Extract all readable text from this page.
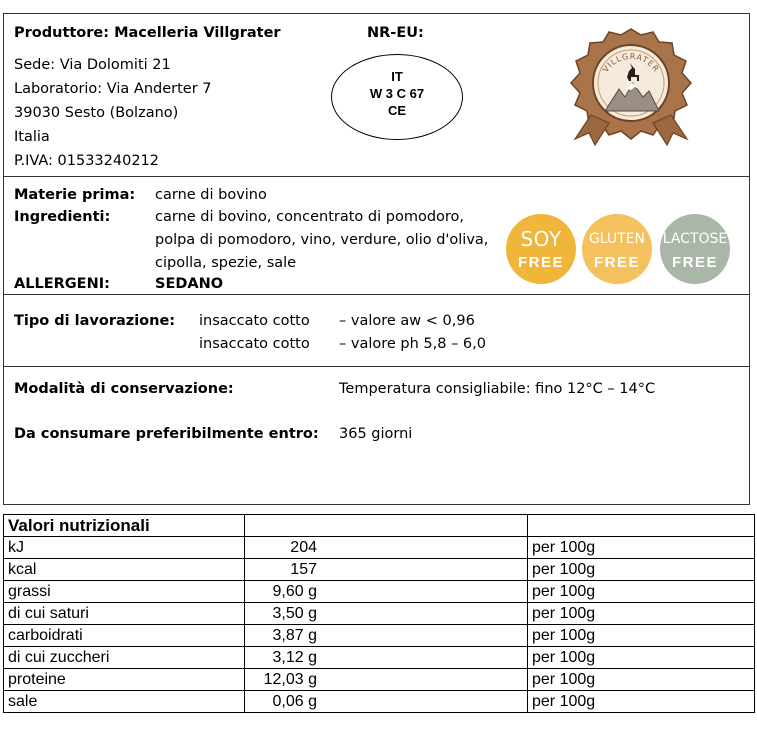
Produttore: Macelleria Villgrater
Sede: Via Dolomiti 21
Laboratorio: Via Anderter 7
39030 Sesto (Bolzano)
Italia
P.IVA: 01533240212
NR-EU:
IT
W 3 C 67
CE
VILLGRATER
Materie prima: carne di bovino
Ingredienti:	carne di bovino, concentrato di pomodoro,
polpa di pomodoro, vino, verdure, olio d'oliva,
cipolla, spezie, sale
ALLERGENI:	SEDANO
SOY
FREE
GLUTEN
FREE
LACTOSE
FREE
Tipo di lavorazione: insaccato cotto – valore aw < 0,96
insaccato cotto – valore ph 5,8 – 6,0
Modalità di conservazione:	Temperatura consigliabile: fino 12°C – 14°C
Da consumare preferibilmente entro: 365 giorni
Valori nutrizionali		
kJ	204	per 100g
kcal	157	per 100g
grassi	9,60 g	per 100g
di cui saturi	3,50 g	per 100g
carboidrati	3,87 g	per 100g
di cui zuccheri	3,12 g	per 100g
proteine	12,03 g	per 100g
sale	0,06 g	per 100g
